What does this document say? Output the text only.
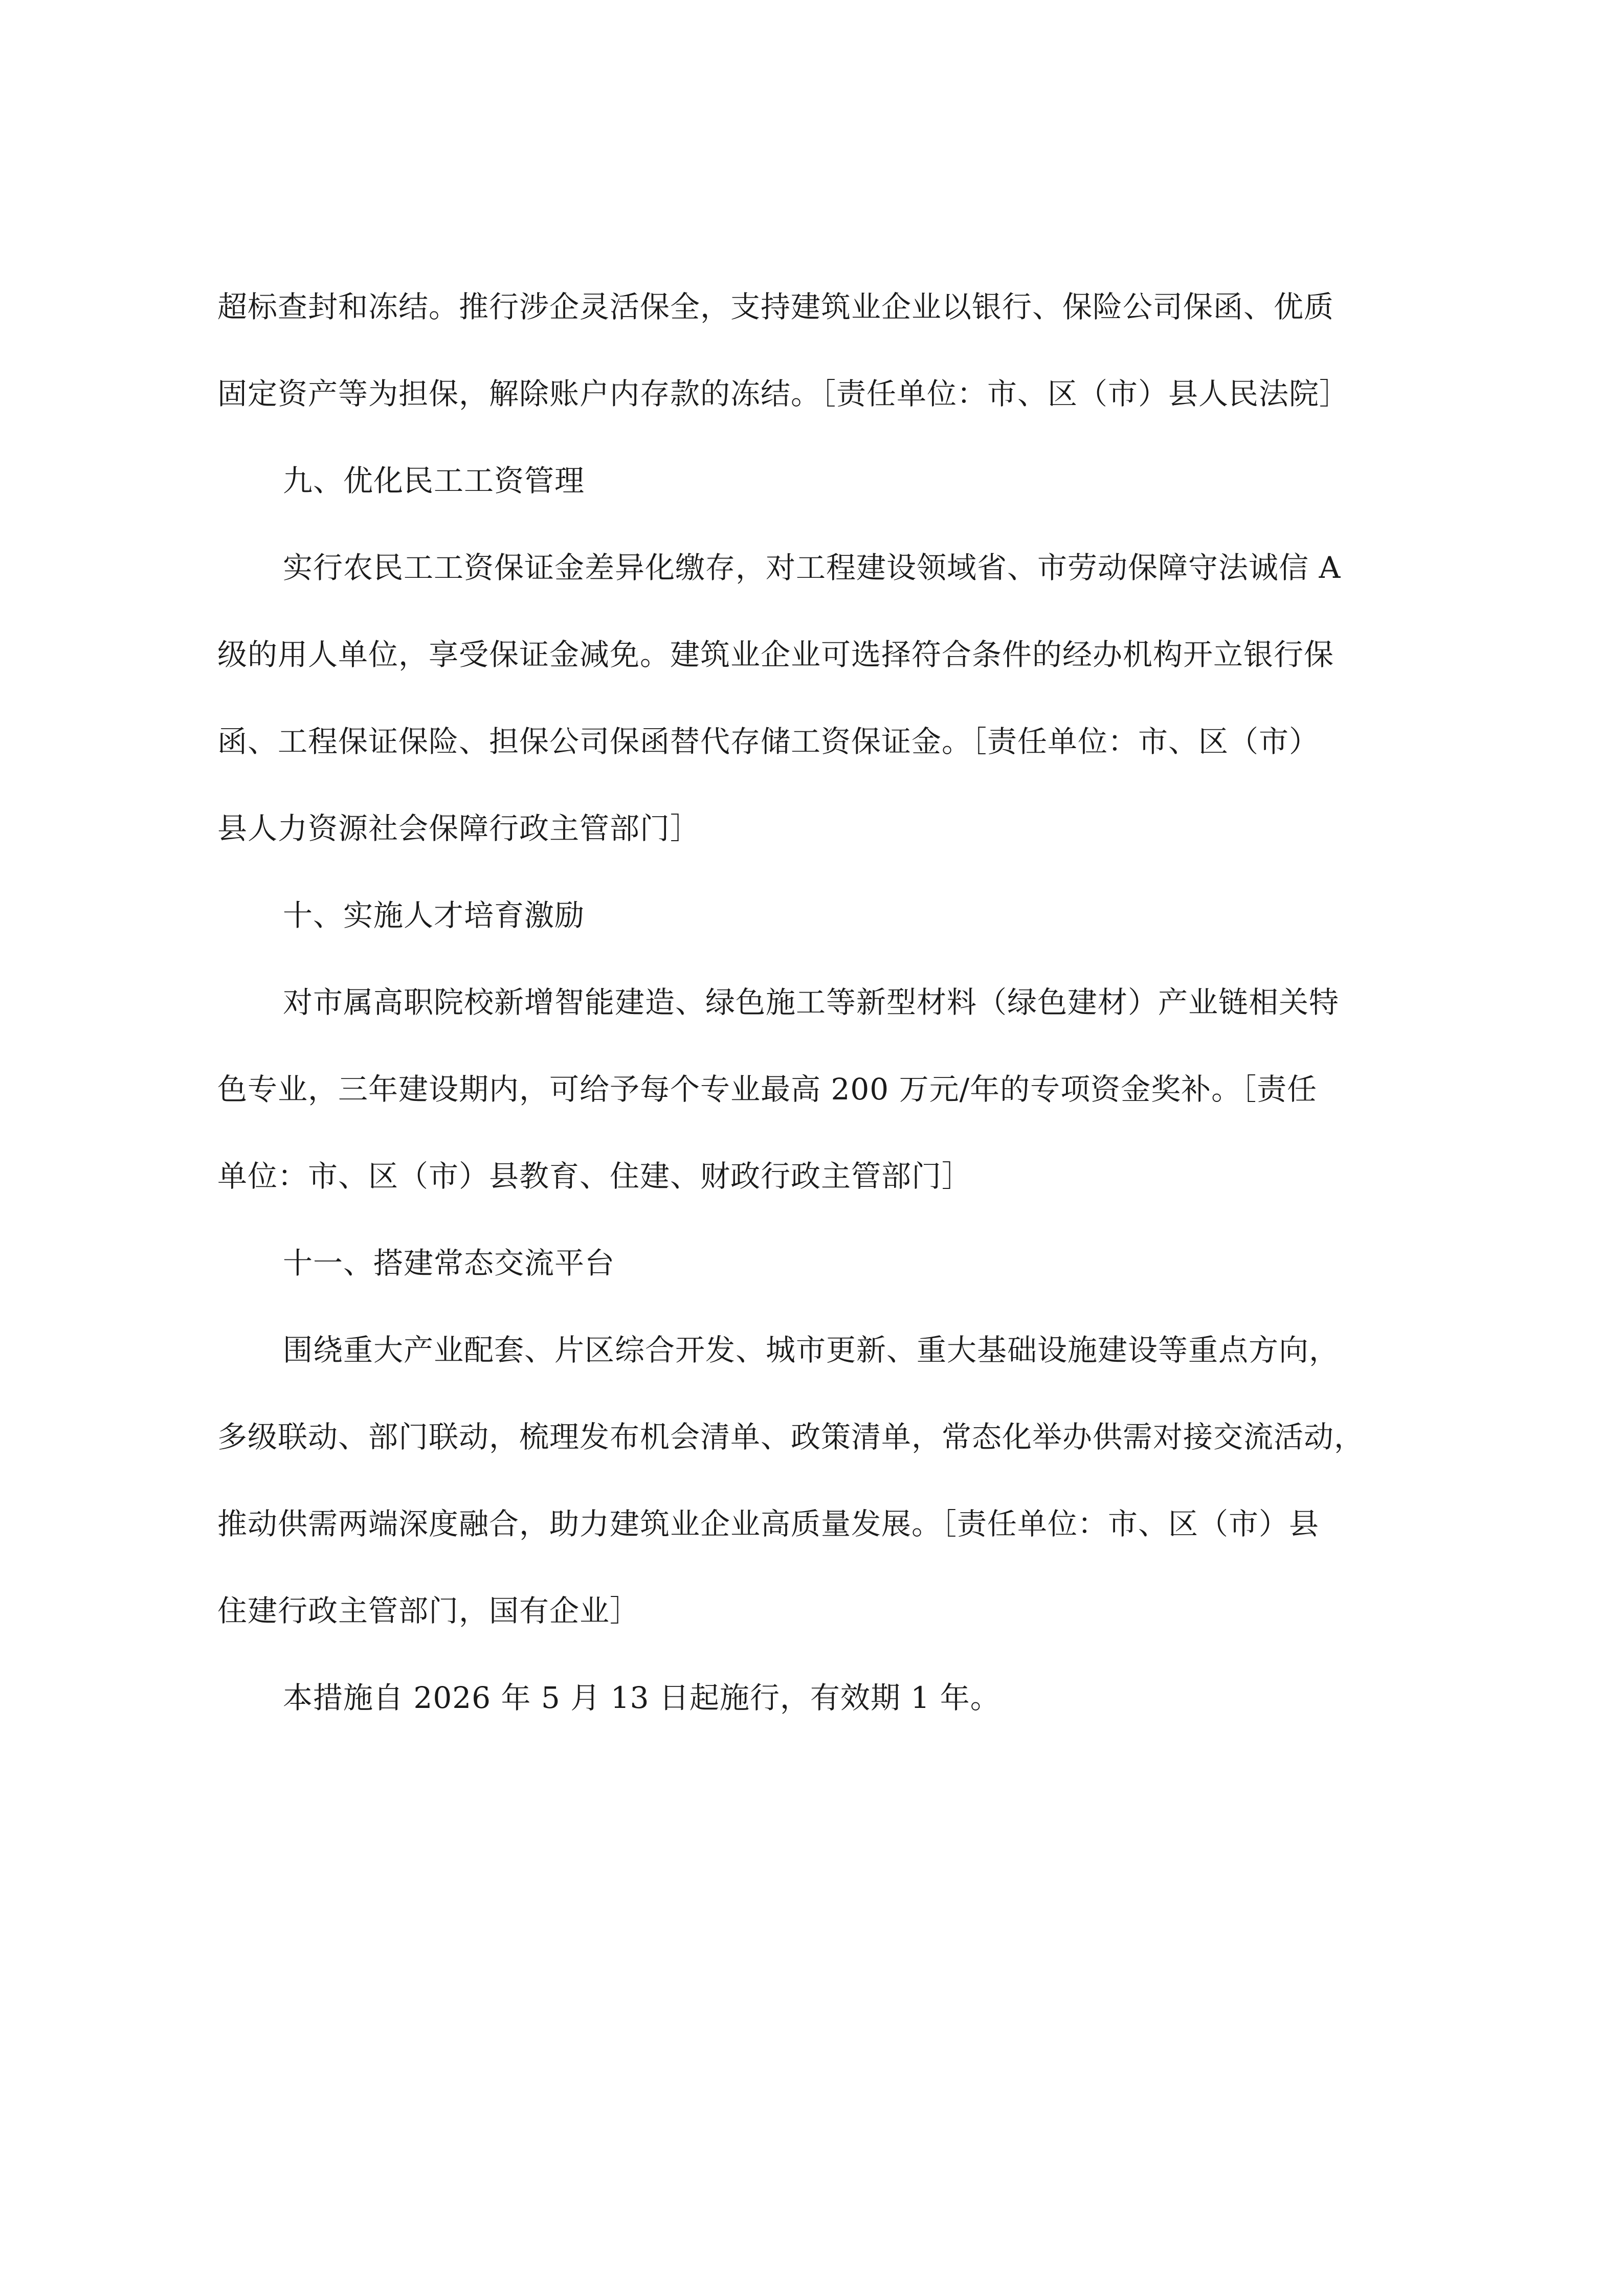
超标查封和冻结。推行涉企灵活保全，支持建筑业企业以银行、保险公司保函、优质
固定资产等为担保，解除账户内存款的冻结。［责任单位：市、区（市）县人民法院］
九、优化民工工资管理
实行农民工工资保证金差异化缴存，对工程建设领域省、市劳动保障守法诚信 A
级的用人单位，享受保证金减免。建筑业企业可选择符合条件的经办机构开立银行保
函、工程保证保险、担保公司保函替代存储工资保证金。［责任单位：市、区（市）
县人力资源社会保障行政主管部门］
十、实施人才培育激励
对市属高职院校新增智能建造、绿色施工等新型材料（绿色建材）产业链相关特
色专业，三年建设期内，可给予每个专业最高 200 万元/年的专项资金奖补。［责任
单位：市、区（市）县教育、住建、财政行政主管部门］
十一、搭建常态交流平台
围绕重大产业配套、片区综合开发、城市更新、重大基础设施建设等重点方向，
多级联动、部门联动，梳理发布机会清单、政策清单，常态化举办供需对接交流活动，
推动供需两端深度融合，助力建筑业企业高质量发展。［责任单位：市、区（市）县
住建行政主管部门，国有企业］
本措施自 2026 年 5 月 13 日起施行，有效期 1 年。
